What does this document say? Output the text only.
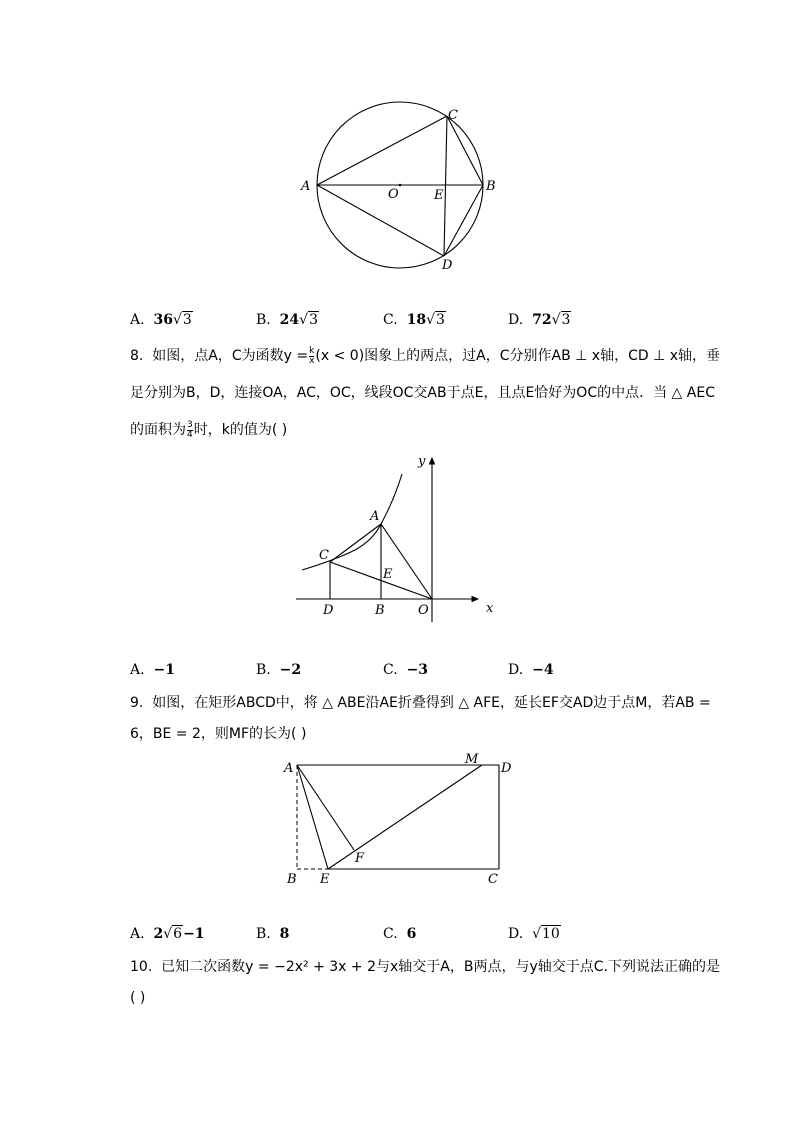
A
O	E
B
C
D
A. 36√3	B. 24√3	C. 18√3	D. 72√3
8. 如图，点A，C为函数$y = \frac{k}{x} (x < 0)$图象上的两点，过A，C分别作AB ⊥ x轴，CD ⊥ x轴，垂
足分别为B，D，连接OA，AC，OC，线段OC交AB于点E，且点E恰好为OC的中点．当 △ AEC
的面积为 $\frac{3}{4}$ 时，k的值为( )
y
A
C
E
D	B	O	x
A. −1	B. −2	C. −3	D. −4
9. 如图，在矩形ABCD中，将 △ ABE沿AE折叠得到 △ AFE，延长EF交AD边于点M，若AB =
6，BE = 2，则MF的长为( )
A
M
D
F
B E	C
A. 2√6−1	B. 8	C. 6	D. √10
10. 已知二次函数y = −2x² + 3x + 2与x轴交于A，B两点，与y轴交于点C.下列说法正确的是
( )
